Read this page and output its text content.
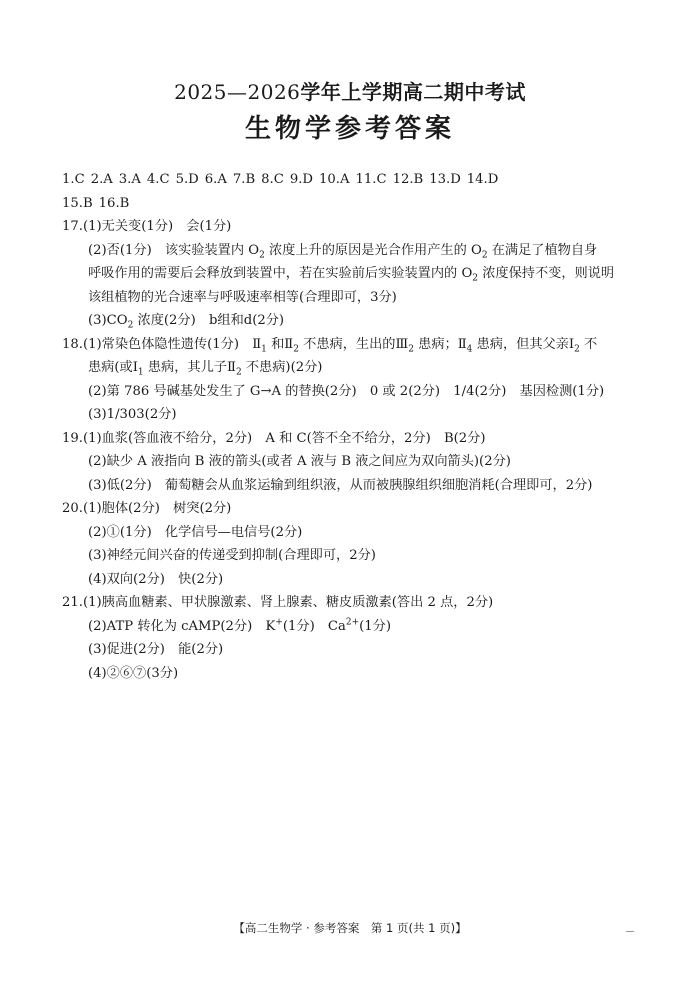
2025—2026学年上学期高二期中考试
生物学参考答案
1.C 2.A 3.A 4.C 5.D 6.A 7.B 8.C 9.D 10.A 11.C 12.B 13.D 14.D
15.B 16.B
17.(1)无关变(1分)　会(1分)
(2)否(1分)　该实验装置内 $O_2$ 浓度上升的原因是光合作用产生的 $O_2$ 在满足了植物自身
呼吸作用的需要后会释放到装置中，若在实验前后实验装置内的 $O_2$ 浓度保持不变，则说明
该组植物的光合速率与呼吸速率相等(合理即可，3分)
$(3)CO_2$ 浓度(2分)　b组和d(2分)
18.(1)常染色体隐性遗传(1分)　$Ⅱ_1$ 和$Ⅱ_2$ 不患病，生出的$Ⅲ_2$ 患病；$Ⅱ_4$ 患病，但其父亲$Ⅰ_2$ 不
患病(或$Ⅰ_1$ 患病，其儿子$Ⅱ_2$ 不患病)(2分)
(2)第 786 号碱基处发生了 G→A 的替换(2分)　0 或 2(2分)　1/4(2分)　基因检测(1分)
(3)1/303(2分)
19.(1)血浆(答血液不给分，2分)　A 和 C(答不全不给分，2分)　B(2分)
(2)缺少 A 液指向 B 液的箭头(或者 A 液与 B 液之间应为双向箭头)(2分)
(3)低(2分)　葡萄糖会从血浆运输到组织液，从而被胰腺组织细胞消耗(合理即可，2分)
20.(1)胞体(2分)　树突(2分)
(2)①(1分)　化学信号—电信号(2分)
(3)神经元间兴奋的传递受到抑制(合理即可，2分)
(4)双向(2分)　快(2分)
21.(1)胰高血糖素、甲状腺激素、肾上腺素、糖皮质激素(答出 2 点，2分)
(2)ATP 转化为 cAMP(2分)　K+(1分)　$Ca^{2+}(1$分)
(3)促进(2分)　能(2分)
(4)②⑥⑦(3分)
【高二生物学 · 参考答案　第 1 页(共 1 页)】
